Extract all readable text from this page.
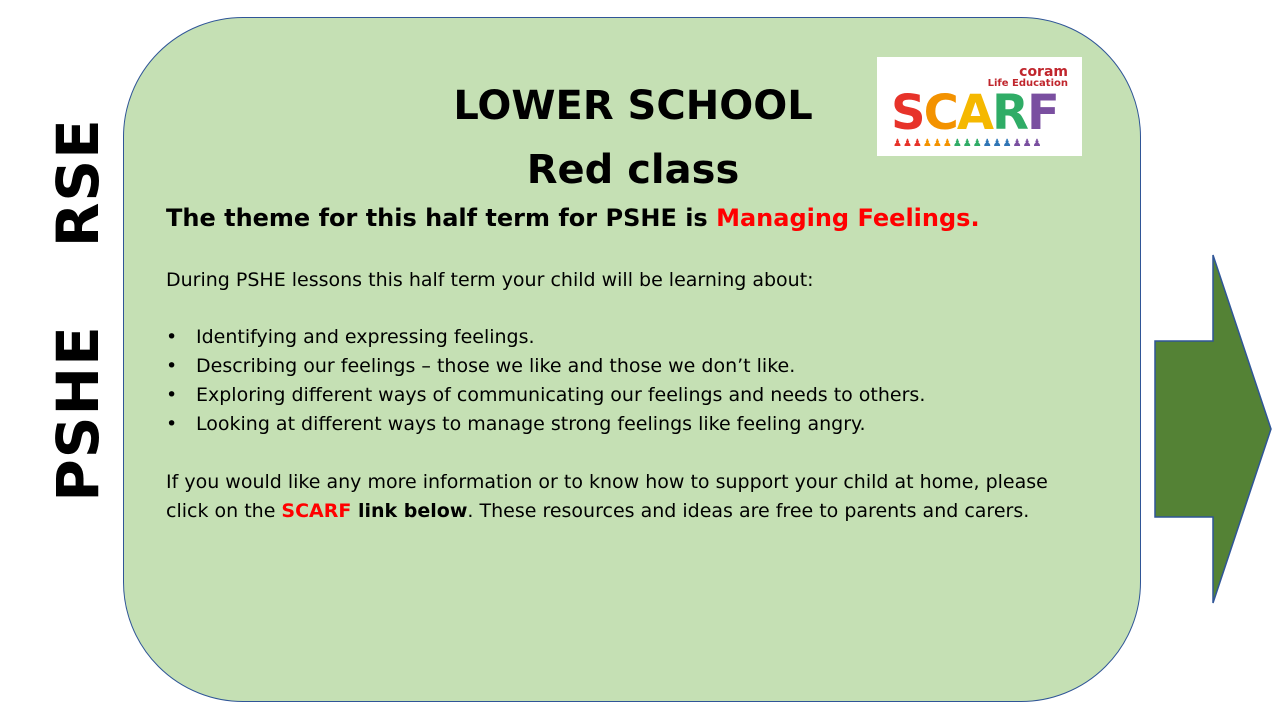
PSHE
RSE
LOWER SCHOOL
Red class
coram
Life Education
SCARF
♟♟♟♟♟♟♟♟♟♟♟♟♟♟♟
The theme for this half term for PSHE is Managing Feelings.
During PSHE lessons this half term your child will be learning about:
• Identifying and expressing feelings.
• Describing our feelings – those we like and those we don’t like.
• Exploring different ways of communicating our feelings and needs to others.
• Looking at different ways to manage strong feelings like feeling angry.
If you would like any more information or to know how to support your child at home, please
click on the SCARF link below. These resources and ideas are free to parents and carers.
